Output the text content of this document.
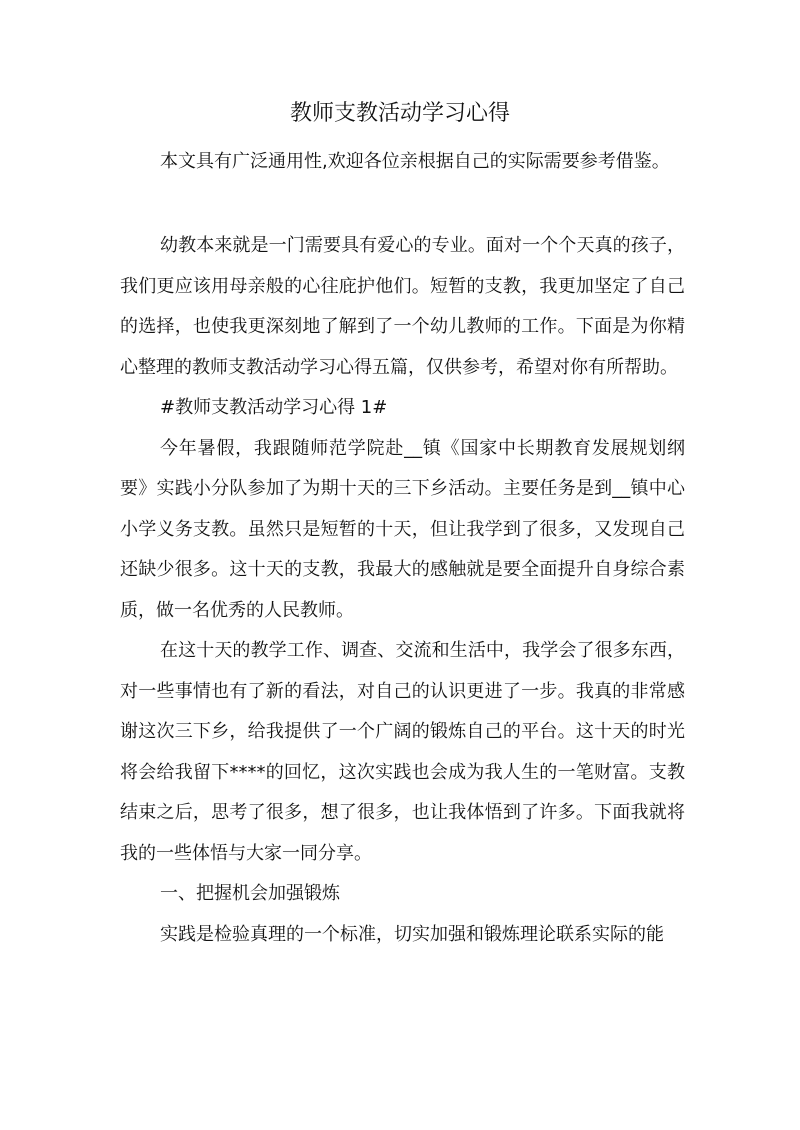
教师支教活动学习心得
本文具有广泛通用性,欢迎各位亲根据自己的实际需要参考借鉴。

幼教本来就是一门需要具有爱心的专业。面对一个个天真的孩子，我们更应该用母亲般的心往庇护他们。短暂的支教，我更加坚定了自己的选择，也使我更深刻地了解到了一个幼儿教师的工作。下面是为你精心整理的教师支教活动学习心得五篇，仅供参考，希望对你有所帮助。

#教师支教活动学习心得 1#

今年暑假，我跟随师范学院赴__镇《国家中长期教育发展规划纲要》实践小分队参加了为期十天的三下乡活动。主要任务是到__镇中心小学义务支教。虽然只是短暂的十天，但让我学到了很多，又发现自己还缺少很多。这十天的支教，我最大的感触就是要全面提升自身综合素质，做一名优秀的人民教师。

在这十天的教学工作、调查、交流和生活中，我学会了很多东西，对一些事情也有了新的看法，对自己的认识更进了一步。我真的非常感谢这次三下乡，给我提供了一个广阔的锻炼自己的平台。这十天的时光将会给我留下****的回忆，这次实践也会成为我人生的一笔财富。支教结束之后，思考了很多，想了很多，也让我体悟到了许多。下面我就将我的一些体悟与大家一同分享。

一、把握机会加强锻炼

实践是检验真理的一个标准，切实加强和锻炼理论联系实际的能
